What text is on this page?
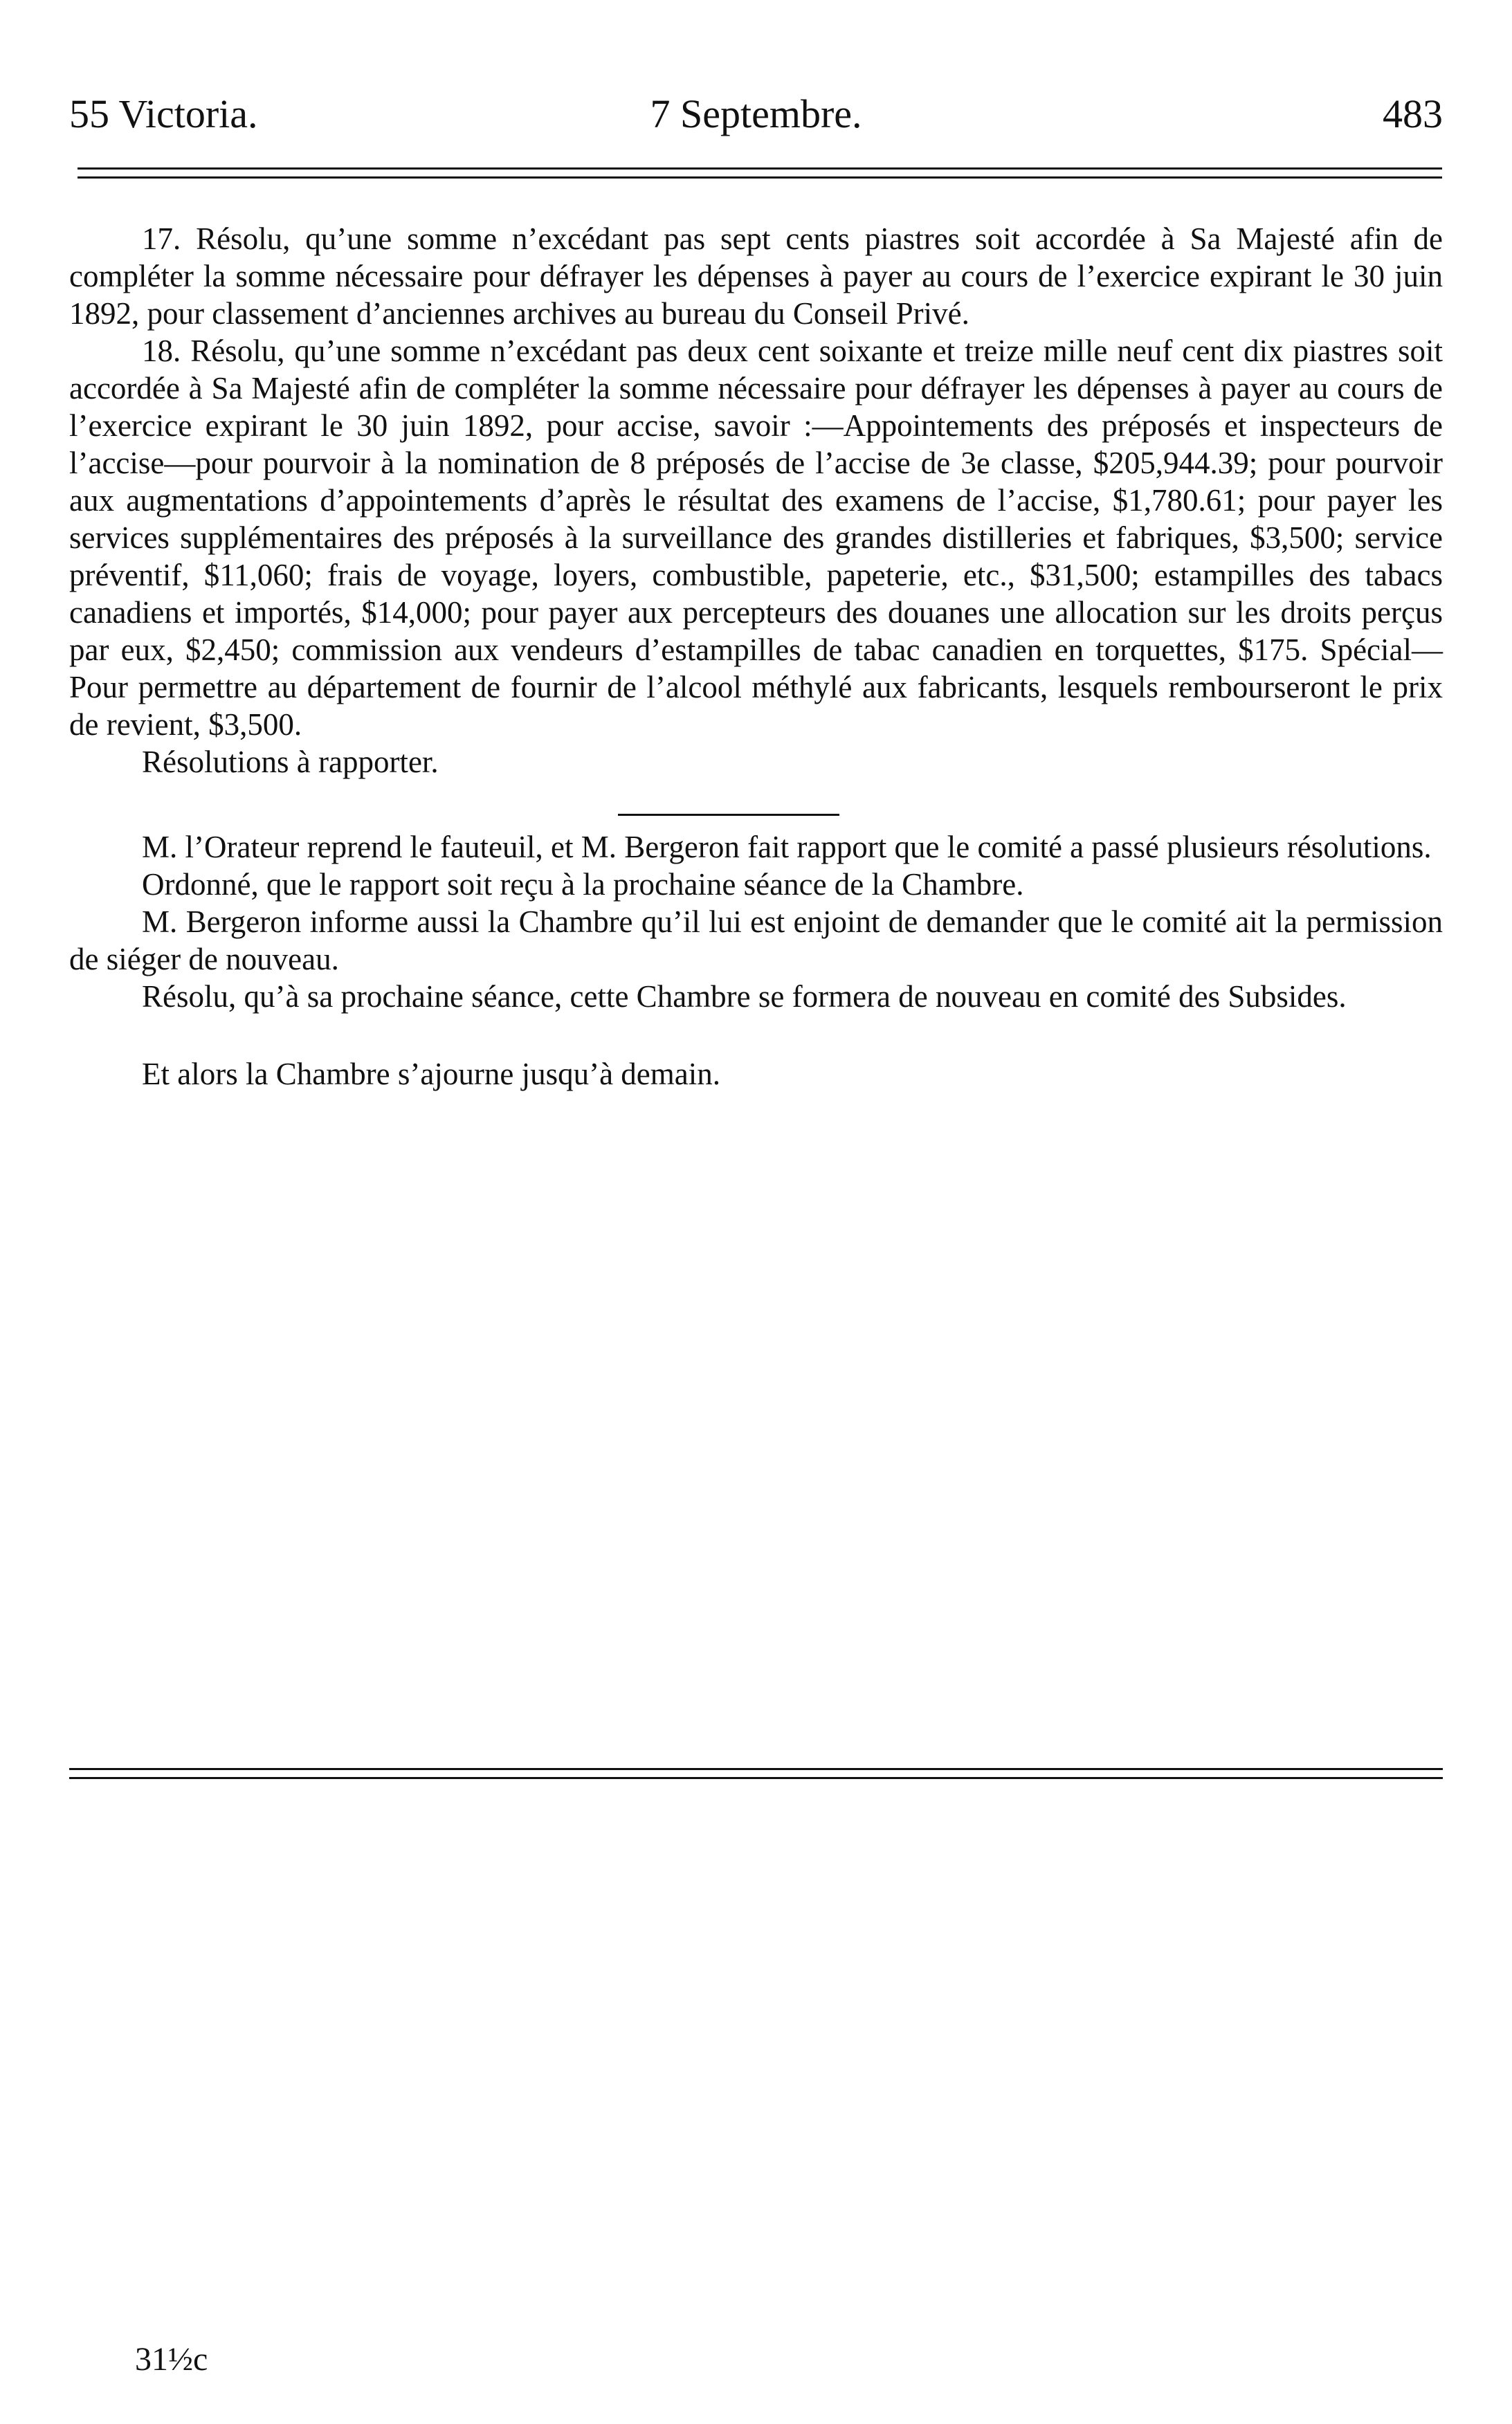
55 Victoria.	7 Septembre.	483

17. Résolu, qu’une somme n’excédant pas sept cents piastres soit accordée à Sa Majesté afin de compléter la somme nécessaire pour défrayer les dépenses à payer au cours de l’exercice expirant le 30 juin 1892, pour classement d’anciennes archives au bureau du Conseil Privé.

18. Résolu, qu’une somme n’excédant pas deux cent soixante et treize mille neuf cent dix piastres soit accordée à Sa Majesté afin de compléter la somme nécessaire pour défrayer les dépenses à payer au cours de l’exercice expirant le 30 juin 1892, pour accise, savoir :—Appointements des préposés et inspecteurs de l’accise—pour pourvoir à la nomination de 8 préposés de l’accise de 3e classe, $205,944.39; pour pourvoir aux augmentations d’appointements d’après le résultat des examens de l’accise, $1,780.61; pour payer les services supplémentaires des préposés à la surveillance des grandes distilleries et fabriques, $3,500; service préventif, $11,060; frais de voyage, loyers, combustible, papeterie, etc., $31,500; estampilles des tabacs canadiens et importés, $14,000; pour payer aux percepteurs des douanes une allocation sur les droits perçus par eux, $2,450; commission aux vendeurs d’estampilles de tabac canadien en torquettes, $175. Spécial—Pour permettre au département de fournir de l’alcool méthylé aux fabricants, lesquels rembourseront le prix de revient, $3,500.

Résolutions à rapporter.

M. l’Orateur reprend le fauteuil, et M. Bergeron fait rapport que le comité a passé plusieurs résolutions.

Ordonné, que le rapport soit reçu à la prochaine séance de la Chambre.

M. Bergeron informe aussi la Chambre qu’il lui est enjoint de demander que le comité ait la permission de siéger de nouveau.

Résolu, qu’à sa prochaine séance, cette Chambre se formera de nouveau en comité des Subsides.

Et alors la Chambre s’ajourne jusqu’à demain.

31½c
